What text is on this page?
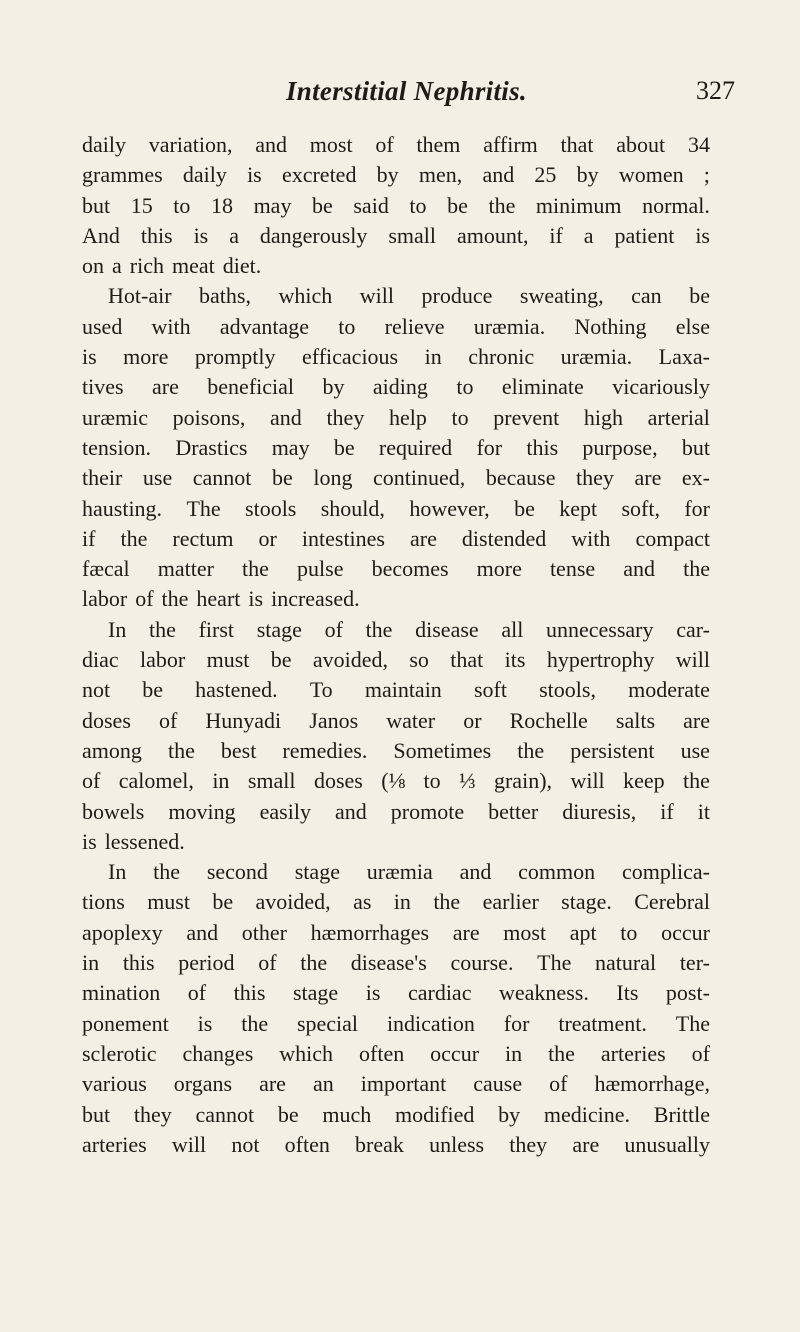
Interstitial Nephritis.	327
daily variation, and most of them affirm that about 34
grammes daily is excreted by men, and 25 by women ;
but 15 to 18 may be said to be the minimum normal.
And this is a dangerously small amount, if a patient is
on a rich meat diet.
Hot-air baths, which will produce sweating, can be
used with advantage to relieve uræmia. Nothing else
is more promptly efficacious in chronic uræmia. Laxa-
tives are beneficial by aiding to eliminate vicariously
uræmic poisons, and they help to prevent high arterial
tension. Drastics may be required for this purpose, but
their use cannot be long continued, because they are ex-
hausting. The stools should, however, be kept soft, for
if the rectum or intestines are distended with compact
fæcal matter the pulse becomes more tense and the
labor of the heart is increased.
In the first stage of the disease all unnecessary car-
diac labor must be avoided, so that its hypertrophy will
not be hastened. To maintain soft stools, moderate
doses of Hunyadi Janos water or Rochelle salts are
among the best remedies. Sometimes the persistent use
of calomel, in small doses (⅛ to ⅓ grain), will keep the
bowels moving easily and promote better diuresis, if it
is lessened.
In the second stage uræmia and common complica-
tions must be avoided, as in the earlier stage. Cerebral
apoplexy and other hæmorrhages are most apt to occur
in this period of the disease's course. The natural ter-
mination of this stage is cardiac weakness. Its post-
ponement is the special indication for treatment. The
sclerotic changes which often occur in the arteries of
various organs are an important cause of hæmorrhage,
but they cannot be much modified by medicine. Brittle
arteries will not often break unless they are unusually
